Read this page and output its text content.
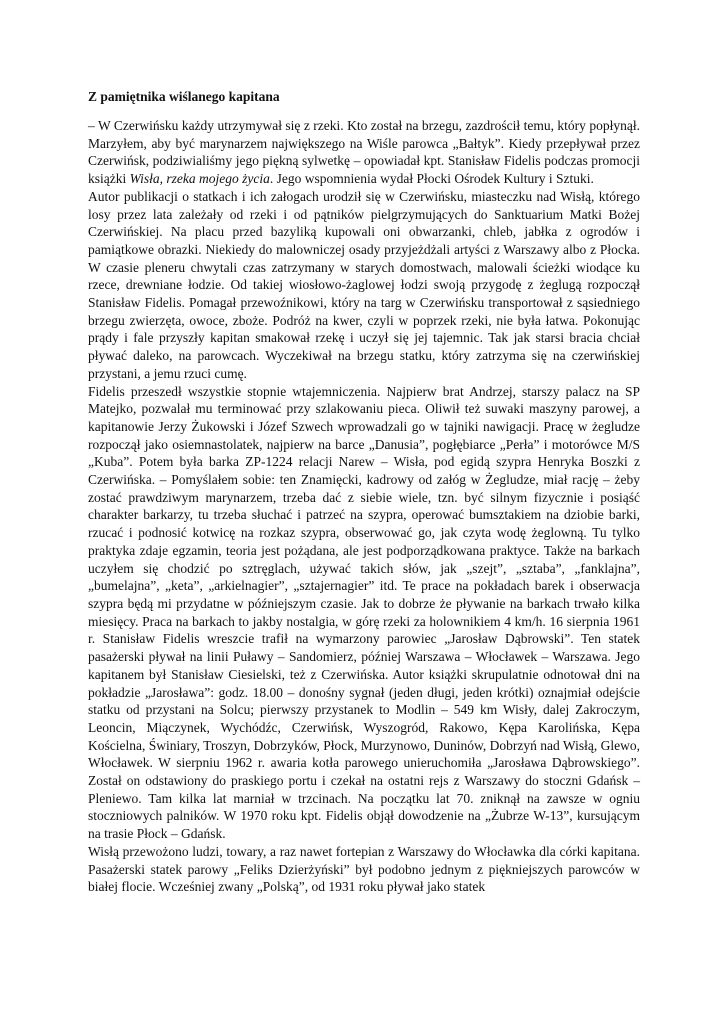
Z pamiętnika wiślanego kapitana

– W Czerwińsku każdy utrzymywał się z rzeki. Kto został na brzegu, zazdrościł temu, który popłynął. Marzyłem, aby być marynarzem największego na Wiśle parowca „Bałtyk”. Kiedy przepływał przez Czerwińsk, podziwialiśmy jego piękną sylwetkę – opowiadał kpt. Stanisław Fidelis podczas promocji książki Wisła, rzeka mojego życia. Jego wspomnienia wydał Płocki Ośrodek Kultury i Sztuki.

Autor publikacji o statkach i ich załogach urodził się w Czerwińsku, miasteczku nad Wisłą, którego losy przez lata zależały od rzeki i od pątników pielgrzymujących do Sanktuarium Matki Bożej Czerwińskiej. Na placu przed bazyliką kupowali oni obwarzanki, chleb, jabłka z ogrodów i pamiątkowe obrazki. Niekiedy do malowniczej osady przyjeżdżali artyści z Warszawy albo z Płocka. W czasie pleneru chwytali czas zatrzymany w starych domostwach, malowali ścieżki wiodące ku rzece, drewniane łodzie. Od takiej wiosłowo-żaglowej łodzi swoją przygodę z żeglugą rozpoczął Stanisław Fidelis. Pomagał przewoźnikowi, który na targ w Czerwińsku transportował z sąsiedniego brzegu zwierzęta, owoce, zboże. Podróż na kwer, czyli w poprzek rzeki, nie była łatwa. Pokonując prądy i fale przyszły kapitan smakował rzekę i uczył się jej tajemnic. Tak jak starsi bracia chciał pływać daleko, na parowcach. Wyczekiwał na brzegu statku, który zatrzyma się na czerwińskiej przystani, a jemu rzuci cumę.

Fidelis przeszedł wszystkie stopnie wtajemniczenia. Najpierw brat Andrzej, starszy palacz na SP Matejko, pozwalał mu terminować przy szlakowaniu pieca. Oliwił też suwaki maszyny parowej, a kapitanowie Jerzy Żukowski i Józef Szwech wprowadzali go w tajniki nawigacji. Pracę w żegludze rozpoczął jako osiemnastolatek, najpierw na barce „Danusia”, pogłębiarce „Perła” i motorówce M/S „Kuba”. Potem była barka ZP-1224 relacji Narew – Wisła, pod egidą szypra Henryka Boszki z Czerwińska. – Pomyślałem sobie: ten Znamięcki, kadrowy od załóg w Żegludze, miał rację – żeby zostać prawdziwym marynarzem, trzeba dać z siebie wiele, tzn. być silnym fizycznie i posiąść charakter barkarzy, tu trzeba słuchać i patrzeć na szypra, operować bumsztakiem na dziobie barki, rzucać i podnosić kotwicę na rozkaz szypra, obserwować go, jak czyta wodę żeglowną. Tu tylko praktyka zdaje egzamin, teoria jest pożądana, ale jest podporządkowana praktyce. Także na barkach uczyłem się chodzić po sztręglach, używać takich słów, jak „szejt”, „sztaba”, „fanklajna”, „bumelajna”, „keta”, „arkielnagier”, „sztajernagier” itd. Te prace na pokładach barek i obserwacja szypra będą mi przydatne w późniejszym czasie. Jak to dobrze że pływanie na barkach trwało kilka miesięcy. Praca na barkach to jakby nostalgia, w górę rzeki za holownikiem 4 km/h. 16 sierpnia 1961 r. Stanisław Fidelis wreszcie trafił na wymarzony parowiec „Jarosław Dąbrowski”. Ten statek pasażerski pływał na linii Puławy – Sandomierz, później Warszawa – Włocławek – Warszawa. Jego kapitanem był Stanisław Ciesielski, też z Czerwińska. Autor książki skrupulatnie odnotował dni na pokładzie „Jarosława”: godz. 18.00 – donośny sygnał (jeden długi, jeden krótki) oznajmiał odejście statku od przystani na Solcu; pierwszy przystanek to Modlin – 549 km Wisły, dalej Zakroczym, Leoncin, Miączynek, Wychódźc, Czerwińsk, Wyszogród, Rakowo, Kępa Karolińska, Kępa Kościelna, Świniary, Troszyn, Dobrzyków, Płock, Murzynowo, Duninów, Dobrzyń nad Wisłą, Glewo, Włocławek. W sierpniu 1962 r. awaria kotła parowego unieruchomiła „Jarosława Dąbrowskiego”. Został on odstawiony do praskiego portu i czekał na ostatni rejs z Warszawy do stoczni Gdańsk – Pleniewo. Tam kilka lat marniał w trzcinach. Na początku lat 70. zniknął na zawsze w ogniu stoczniowych palników. W 1970 roku kpt. Fidelis objął dowodzenie na „Żubrze W-13”, kursującym na trasie Płock – Gdańsk.

Wisłą przewożono ludzi, towary, a raz nawet fortepian z Warszawy do Włocławka dla córki kapitana. Pasażerski statek parowy „Feliks Dzierżyński” był podobno jednym z piękniejszych parowców w białej flocie. Wcześniej zwany „Polską”, od 1931 roku pływał jako statek
